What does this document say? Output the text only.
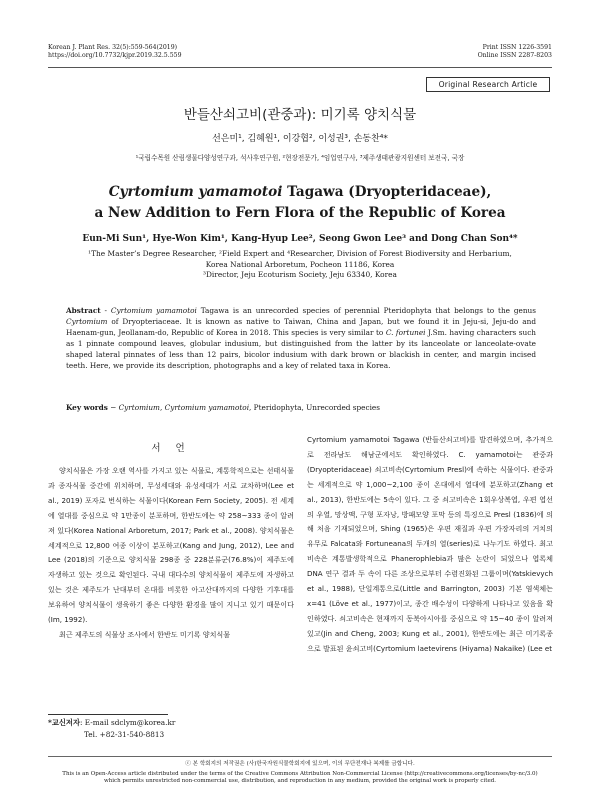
Korean J. Plant Res. 32(5):559-564(2019)
https://doi.org/10.7732/kjpr.2019.32.5.559
Print ISSN 1226-3591
Online ISSN 2287-8203
Original Research Article
반들산쇠고비(관중과): 미기록 양치식물
선은미¹, 김혜원¹, 이강협², 이성권³, 손동찬⁴*
¹국립수목원 산림생물다양성연구과, 석사후연구원, ²현장전문가, ⁴임업연구사, ³제주생태관광지원센터 보전국, 국장
Cyrtomium yamamotoi Tagawa (Dryopteridaceae),
a New Addition to Fern Flora of the Republic of Korea
Eun-Mi Sun¹, Hye-Won Kim¹, Kang-Hyup Lee², Seong Gwon Lee³ and Dong Chan Son⁴*
¹The Master’s Degree Researcher, ²Field Expert and ⁴Researcher, Division of Forest Biodiversity and Herbarium,
Korea National Arboretum, Pocheon 11186, Korea
³Director, Jeju Ecoturism Society, Jeju 63340, Korea
Abstract - Cyrtomium yamamotoi Tagawa is an unrecorded species of perennial Pteridophyta that belongs to the genus Cyrtomium of Dryopteriaceae. It is known as native to Taiwan, China and Japan, but we found it in Jeju-si, Jeju-do and Haenam-gun, Jeollanam-do, Republic of Korea in 2018. This species is very similar to C. fortunei J.Sm. having characters such as 1 pinnate compound leaves, globular indusium, but distinguished from the latter by its lanceolate or lanceolate-ovate shaped lateral pinnates of less than 12 pairs, bicolor indusium with dark brown or blackish in center, and margin incised teeth. Here, we provide its description, photographs and a key of related taxa in Korea.
Key words − Cyrtomium, Cyrtomium yamamotoi, Pteridophyta, Unrecorded species
서 언

양치식물은 가장 오랜 역사를 가지고 있는 식물로, 계통학적으로는 선태식물과 종자식물 중간에 위치하며, 무성세대와 유성세대가 서로 교차하며(Lee et al., 2019) 포자로 번식하는 식물이다(Korean Fern Society, 2005). 전 세계에 열대를 중심으로 약 1만종이 분포하며, 한반도에는 약 258~333 종이 알려져 있다(Korea National Arboretum, 2017; Park et al., 2008). 양치식물은 세계적으로 12,800 여종 이상이 분포하고(Kang and Jung, 2012), Lee and Lee (2018)의 기준으로 양치식물 298종 중 228분류군(76.8%)이 제주도에 자생하고 있는 것으로 확인된다. 국내 대다수의 양치식물이 제주도에 자생하고 있는 것은 제주도가 난대부터 온대를 비롯한 아고산대까지의 다양한 기후대를 보유하여 양치식물이 생육하기 좋은 다양한 환경을 많이 지니고 있기 때문이다(Im, 1992).

최근 제주도의 식물상 조사에서 한반도 미기록 양치식물

Cyrtomium yamamotoi Tagawa (반들산쇠고비)를 발견하였으며, 추가적으로 전라남도 해남군에서도 확인하였다. C. yamamotoi는 관중과(Dryopteridaceae) 쇠고비속(Cyrtomium Presl)에 속하는 식물이다. 관중과는 세계적으로 약 1,000~2,100 종이 온대에서 열대에 분포하고(Zhang et al., 2013), 한반도에는 5속이 있다. 그 중 쇠고비속은 1회우상복엽, 우편 엽선의 우열, 망상맥, 구형 포자낭, 방패모양 포막 등의 특징으로 Presl (1836)에 의해 처음 기재되었으며, Shing (1965)은 우편 재질과 우편 가장자리의 거치의 유무로 Falcata와 Fortuneana의 두개의 열(series)로 나누기도 하였다. 최고비속은 계통발생학적으로 Phanerophlebia과 많은 논란이 되었으나 엽록체 DNA 연구 결과 두 속이 다른 조상으로부터 수렴진화된 그룹이며(Yatskievych et al., 1988), 단일계통으로(Little and Barrington, 2003) 기본 염색체는 x=41 (Löve et al., 1977)이고, 종간 배수성이 다양하게 나타나고 있음을 확인하였다. 쇠고비속은 현재까지 동북아시아를 중심으로 약 15~40 종이 알려져 있고(Jin and Cheng, 2003; Kung et al., 2001), 한반도에는 최근 미기록종으로 발표된 윤쇠고비(Cyrtomium laetevirens (Hiyama) Nakaike) (Lee et

*교신저자: E-mail sdclym@korea.kr
Tel. +82-31-540-8813
ⓒ 본 학회지의 저작권은 (사)한국자원식물학회지에 있으며, 이의 무단전재나 복제를 금합니다.
This is an Open-Access article distributed under the terms of the Creative Commons Attribution Non-Commercial License (http://creativecommons.org/licenses/by-nc/3.0)
which permits unrestricted non-commercial use, distribution, and reproduction in any medium, provided the original work is properly cited.
